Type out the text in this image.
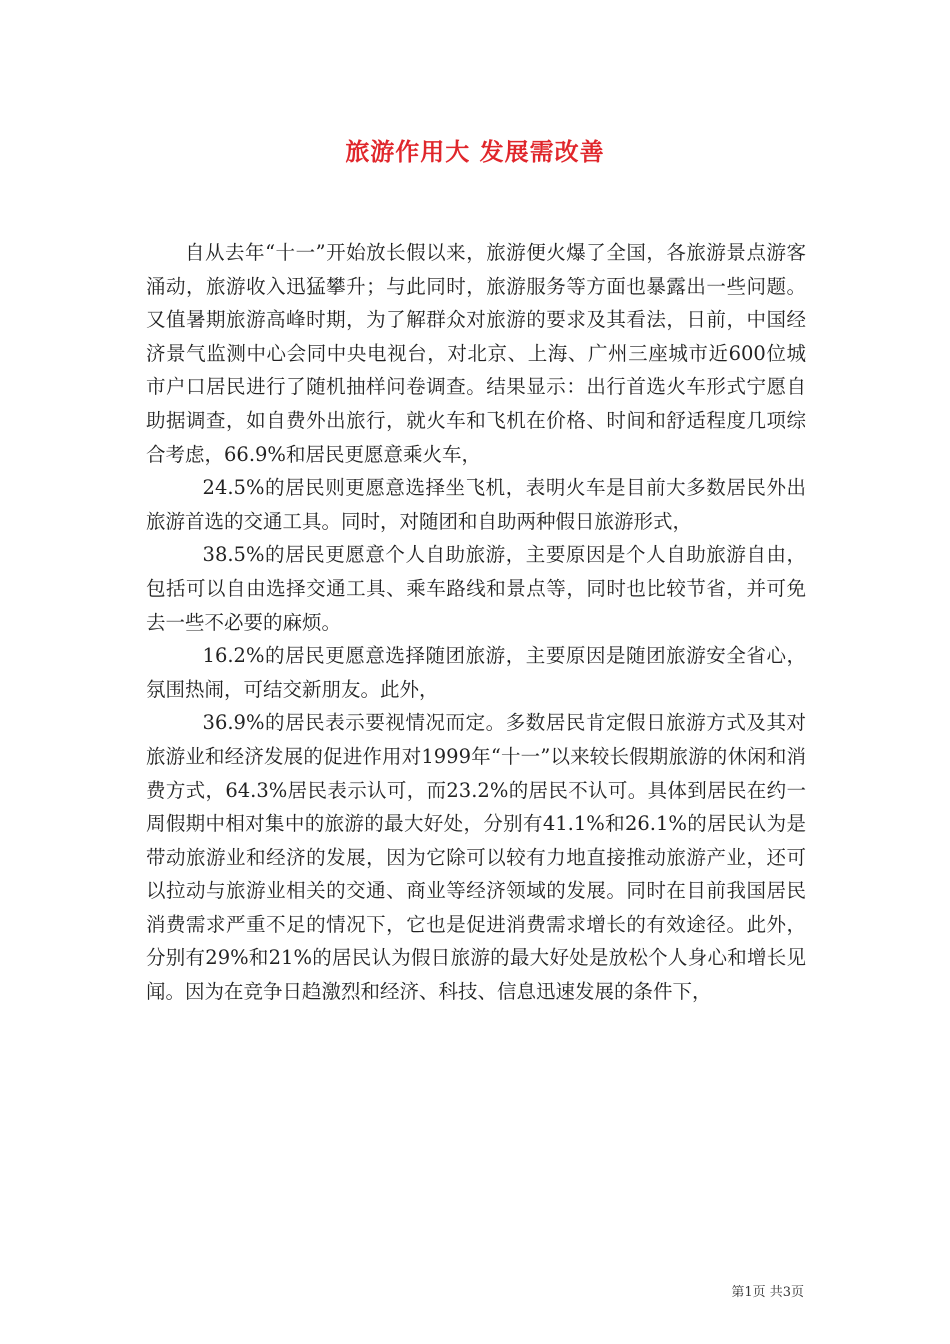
旅游作用大 发展需改善

自从去年“十一”开始放长假以来，旅游便火爆了全国，各旅游景点游客涌动，旅游收入迅猛攀升；与此同时，旅游服务等方面也暴露出一些问题。又值暑期旅游高峰时期，为了解群众对旅游的要求及其看法，日前，中国经济景气监测中心会同中央电视台，对北京、上海、广州三座城市近600位城市户口居民进行了随机抽样问卷调查。结果显示：出行首选火车形式宁愿自助据调查，如自费外出旅行，就火车和飞机在价格、时间和舒适程度几项综合考虑，66.9%和居民更愿意乘火车，

24.5%的居民则更愿意选择坐飞机，表明火车是目前大多数居民外出旅游首选的交通工具。同时，对随团和自助两种假日旅游形式，

38.5%的居民更愿意个人自助旅游，主要原因是个人自助旅游自由，包括可以自由选择交通工具、乘车路线和景点等，同时也比较节省，并可免去一些不必要的麻烦。

16.2%的居民更愿意选择随团旅游，主要原因是随团旅游安全省心，氛围热闹，可结交新朋友。此外，

36.9%的居民表示要视情况而定。多数居民肯定假日旅游方式及其对旅游业和经济发展的促进作用对1999年“十一”以来较长假期旅游的休闲和消费方式，64.3%居民表示认可，而23.2%的居民不认可。具体到居民在约一周假期中相对集中的旅游的最大好处，分别有41.1%和26.1%的居民认为是带动旅游业和经济的发展，因为它除可以较有力地直接推动旅游产业，还可以拉动与旅游业相关的交通、商业等经济领域的发展。同时在目前我国居民消费需求严重不足的情况下，它也是促进消费需求增长的有效途径。此外，分别有29%和21%的居民认为假日旅游的最大好处是放松个人身心和增长见闻。因为在竞争日趋激烈和经济、科技、信息迅速发展的条件下，

第1页 共3页
